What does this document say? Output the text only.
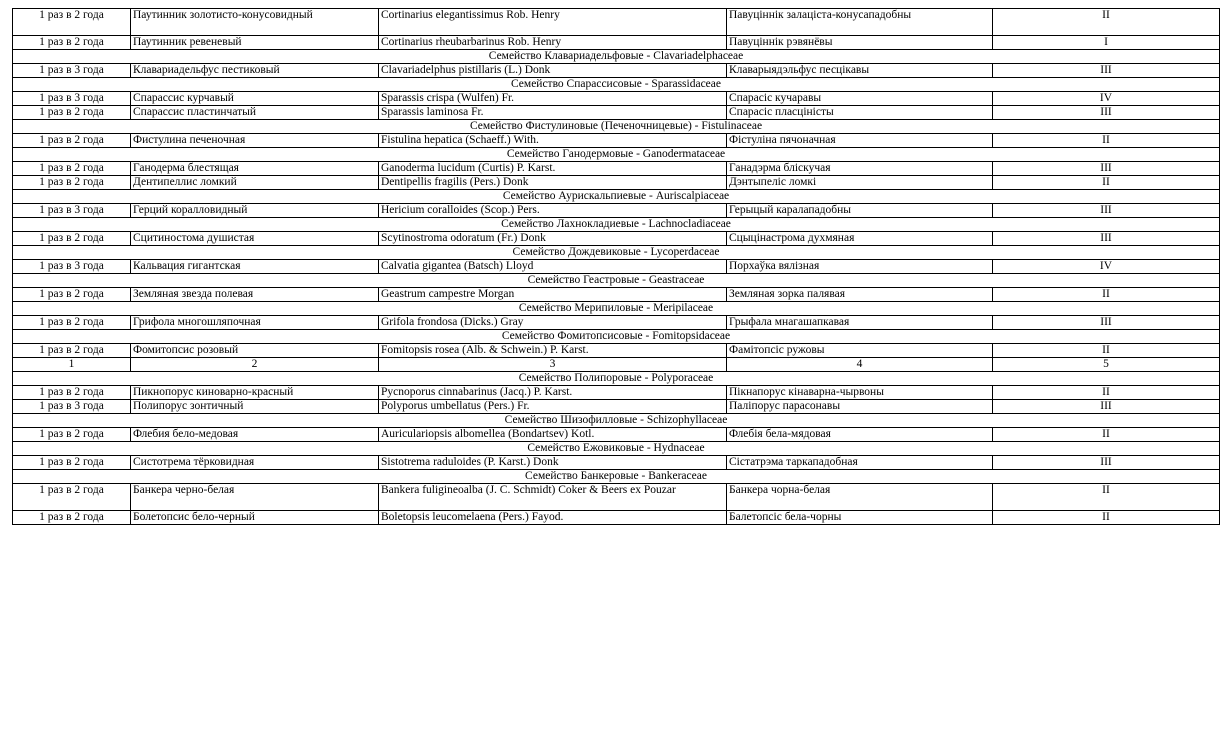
1 раз в 2 года	Паутинник золотисто-конусовидный	Cortinarius elegantissimus Rob. Henry	Павуціннік залаціста-конусападобны	II
1 раз в 2 года	Паутинник ревеневый	Cortinarius rheubarbarinus Rob. Henry	Павуціннік рэвянёвы	I
Семейство Клавариадельфовые - Clavariadelphaceae				
1 раз в 3 года	Клавариадельфус пестиковый	Clavariadelphus pistillaris (L.) Donk	Клаварыядэльфус песцікавы	III
Семейство Спарассисовые - Sparassidaceae				
1 раз в 3 года	Спарассис курчавый	Sparassis crispa (Wulfen) Fr.	Спарасіс кучаравы	IV
1 раз в 2 года	Спарассис пластинчатый	Sparassis laminosa Fr.	Спарасіс пласцініcты	III
Семейство Фистулиновые (Печеночницевые) - Fistulinaceae				
1 раз в 2 года	Фистулина печеночная	Fistulina hepatica (Schaeff.) With.	Фістуліна пячоначная	II
Семейство Ганодермовые - Ganodermataceae				
1 раз в 2 года	Ганодерма блестящая	Ganoderma lucidum (Curtis) P. Karst.	Ганадэрма бліскучая	III
1 раз в 2 года	Дентипеллис ломкий	Dentipellis fragilis (Pers.) Donk	Дэнтыпеліс ломкі	II
Семейство Аурискальпиевые - Auriscalpiaceae				
1 раз в 3 года	Герций коралловидный	Hericium coralloides (Scop.) Pers.	Герыцый каралападобны	III
Семейство Лахнокладиевые - Lachnocladiaceae				
1 раз в 2 года	Сцитиностома душистая	Scytinostroma odoratum (Fr.) Donk	Сцыцінастрома духмяная	III
Семейство Дождевиковые - Lycoperdaceae				
1 раз в 3 года	Кальвация гигантская	Calvatia gigantea (Batsch) Lloyd	Порхаўка вялізная	IV
Семейство Геастровые - Geastraceae				
1 раз в 2 года	Земляная звезда полевая	Geastrum campestre Morgan	Земляная зорка палявая	II
Семейство Мерипиловые - Meripilaceae				
1 раз в 2 года	Грифола многошляпочная	Grifola frondosa (Dicks.) Gray	Грыфала мнагашапкавая	III
Семейство Фомитопсисовые - Fomitopsidaceae				
1 раз в 2 года	Фомитопсис розовый	Fomitopsis rosea (Alb. & Schwein.) P. Karst.	Фамітопсіс ружовы	II
1	2	3	4	5
Семейство Полипоровые - Polyporaceae				
1 раз в 2 года	Пикнопорус киноварно-красный	Pycnoporus cinnabarinus (Jacq.) P. Karst.	Пікнапорус кінаварна-чырвоны	II
1 раз в 3 года	Полипорус зонтичный	Polyporus umbellatus (Pers.) Fr.	Паліпорус парасонавы	III
Семейство Шизофилловые - Schizophyllaceae				
1 раз в 2 года	Флебия бело-медовая	Auriculariopsis albomellea (Bondartsev) Kotl.	Флебія бела-мядовая	II
Семейство Ежовиковые - Hydnaceae				
1 раз в 2 года	Систотрема тёрковидная	Sistotrema raduloides (P. Karst.) Donk	Сістатрэма таркападобная	III
Семейство Банкеровые - Bankeraceae				
1 раз в 2 года	Банкера черно-белая	Bankera fuligineoalba (J. C. Schmidt) Coker & Beers ex Pouzar	Банкера чорна-белая	II
1 раз в 2 года	Болетопсис бело-черный	Boletopsis leucomelaena (Pers.) Fayod.	Балетопсіс бела-чорны	II
